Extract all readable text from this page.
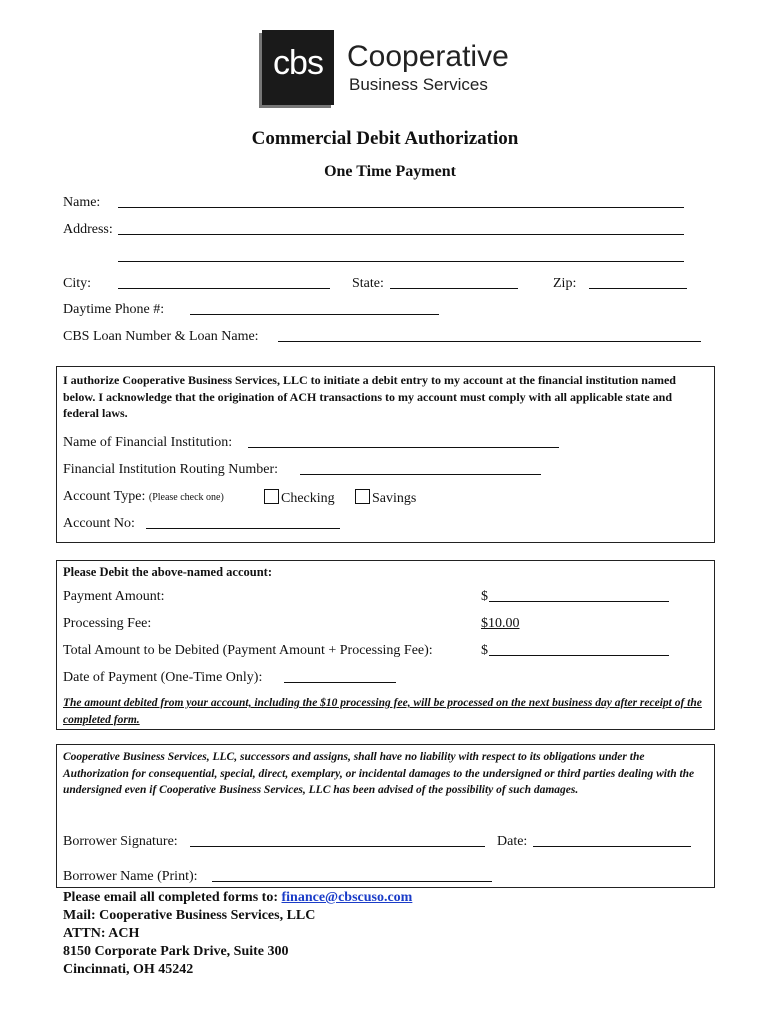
cbs Cooperative
Business Services
Commercial Debit Authorization
One Time Payment
Name:
Address:
City:	State:	Zip:
Daytime Phone #:
CBS Loan Number & Loan Name:
I authorize Cooperative Business Services, LLC to initiate a debit entry to my account at the financial institution named below. I acknowledge that the origination of ACH transactions to my account must comply with all applicable state and federal laws.
Name of Financial Institution:
Financial Institution Routing Number:
Account Type: (Please check one)	Checking	Savings
Account No:
Please Debit the above-named account:
Payment Amount:	$
Processing Fee:	$10.00
Total Amount to be Debited (Payment Amount + Processing Fee):	$
Date of Payment (One-Time Only):
The amount debited from your account, including the $10 processing fee, will be processed on the next business day after receipt of the completed form.
Cooperative Business Services, LLC, successors and assigns, shall have no liability with respect to its obligations under the Authorization for consequential, special, direct, exemplary, or incidental damages to the undersigned or third parties dealing with the undersigned even if Cooperative Business Services, LLC has been advised of the possibility of such damages.
Borrower Signature:	Date:
Borrower Name (Print):
Please email all completed forms to: finance@cbscuso.com
Mail: Cooperative Business Services, LLC
ATTN: ACH
8150 Corporate Park Drive, Suite 300
Cincinnati, OH 45242
